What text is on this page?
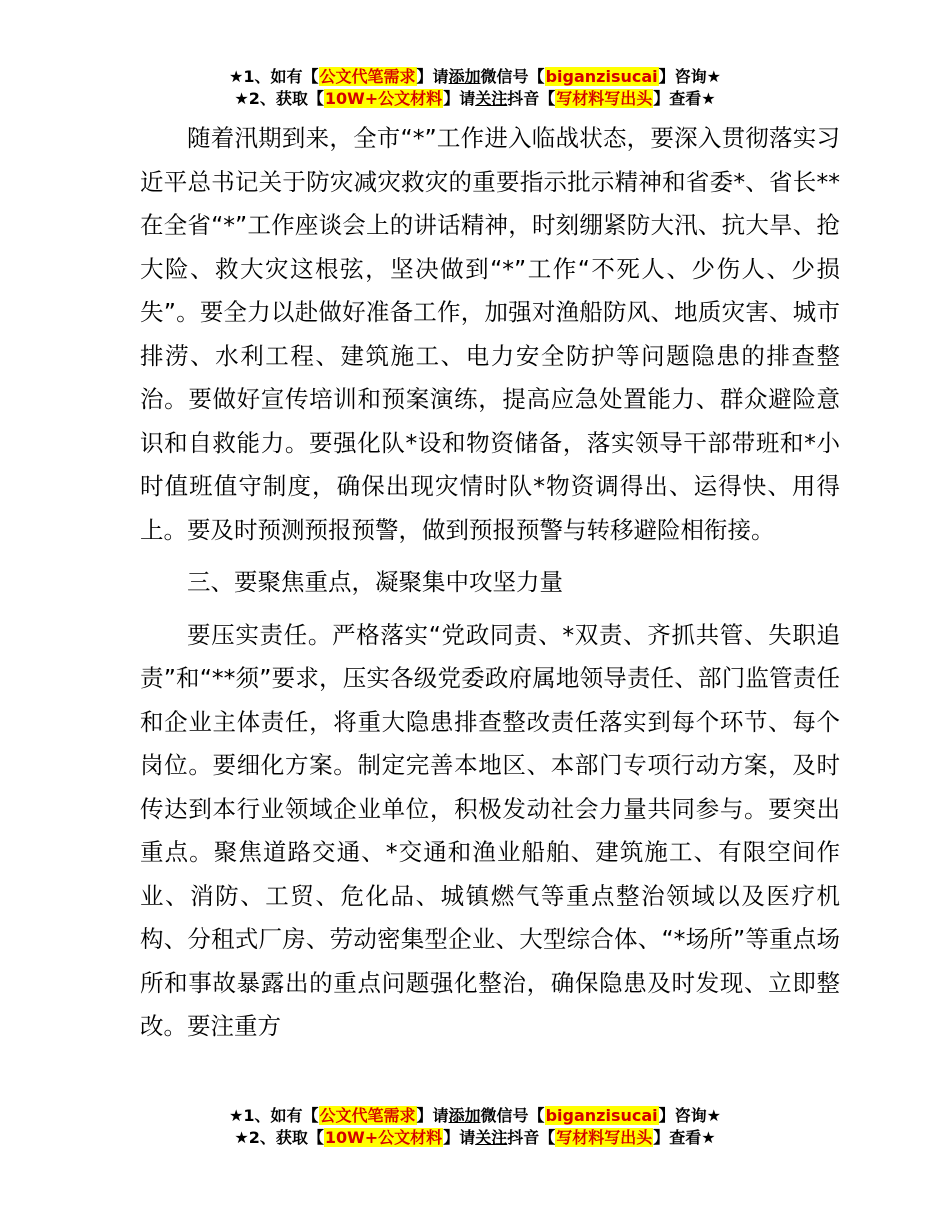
★1、如有【公文代笔需求】请添加微信号【biganzisucai】咨询★
★2、获取【10W+公文材料】请关注抖音【写材料写出头】查看★

随着汛期到来，全市“*”工作进入临战状态，要深入贯彻落实习近平总书记关于防灾减灾救灾的重要指示批示精神和省委*、省长**在全省“*”工作座谈会上的讲话精神，时刻绷紧防大汛、抗大旱、抢大险、救大灾这根弦，坚决做到“*”工作“不死人、少伤人、少损失”。要全力以赴做好准备工作，加强对渔船防风、地质灾害、城市排涝、水利工程、建筑施工、电力安全防护等问题隐患的排查整治。要做好宣传培训和预案演练，提高应急处置能力、群众避险意识和自救能力。要强化队*设和物资储备，落实领导干部带班和*小时值班值守制度，确保出现灾情时队*物资调得出、运得快、用得上。要及时预测预报预警，做到预报预警与转移避险相衔接。

三、要聚焦重点，凝聚集中攻坚力量

要压实责任。严格落实“党政同责、*双责、齐抓共管、失职追责”和“**须”要求，压实各级党委政府属地领导责任、部门监管责任和企业主体责任，将重大隐患排查整改责任落实到每个环节、每个岗位。要细化方案。制定完善本地区、本部门专项行动方案，及时传达到本行业领域企业单位，积极发动社会力量共同参与。要突出重点。聚焦道路交通、*交通和渔业船舶、建筑施工、有限空间作业、消防、工贸、危化品、城镇燃气等重点整治领域以及医疗机构、分租式厂房、劳动密集型企业、大型综合体、“*场所”等重点场所和事故暴露出的重点问题强化整治，确保隐患及时发现、立即整改。要注重方

★1、如有【公文代笔需求】请添加微信号【biganzisucai】咨询★
★2、获取【10W+公文材料】请关注抖音【写材料写出头】查看★
